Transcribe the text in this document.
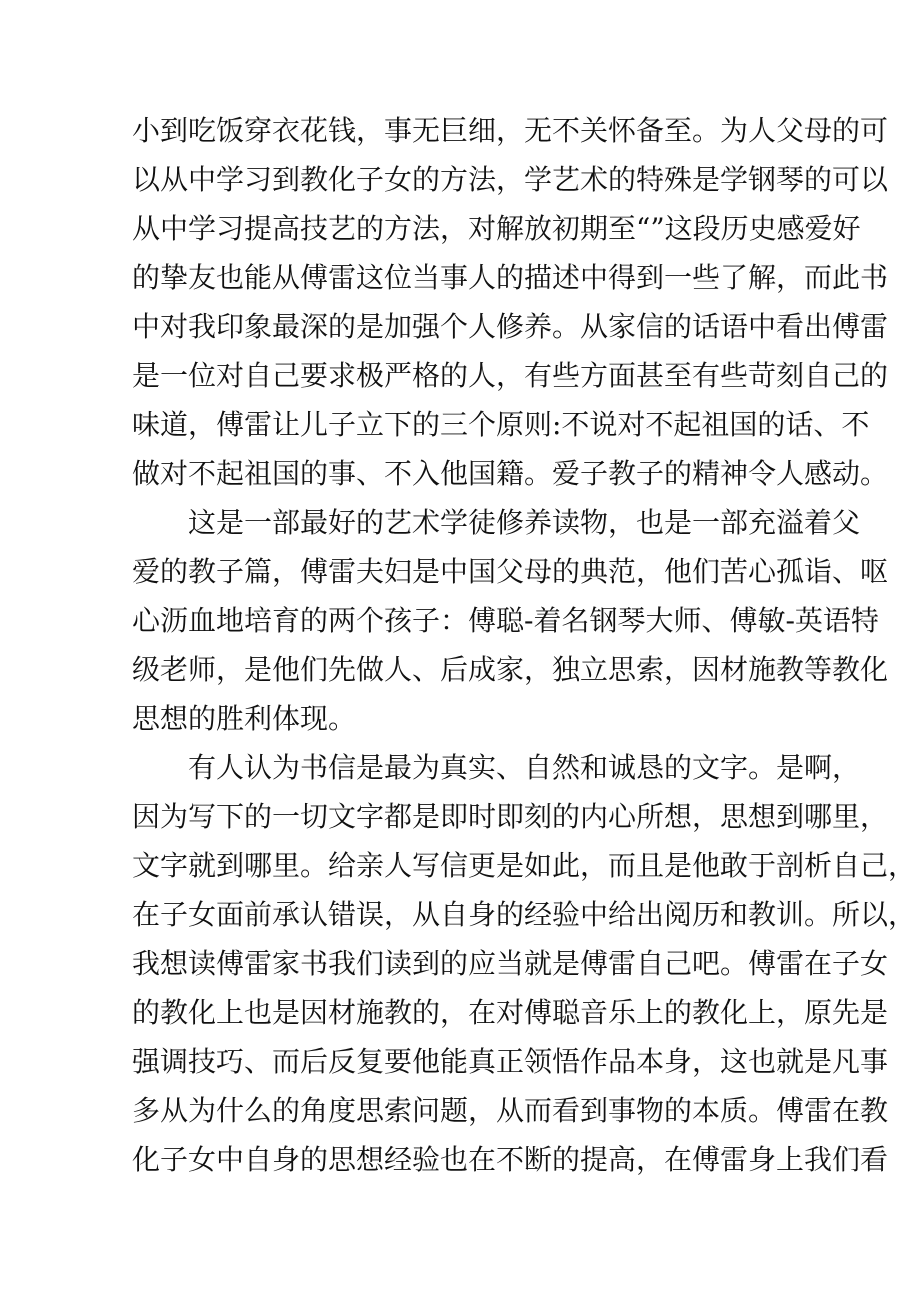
小到吃饭穿衣花钱，事无巨细，无不关怀备至。为人父母的可
以从中学习到教化子女的方法，学艺术的特殊是学钢琴的可以
从中学习提高技艺的方法，对解放初期至“”这段历史感爱好
的挚友也能从傅雷这位当事人的描述中得到一些了解，而此书
中对我印象最深的是加强个人修养。从家信的话语中看出傅雷
是一位对自己要求极严格的人，有些方面甚至有些苛刻自己的
味道，傅雷让儿子立下的三个原则:不说对不起祖国的话、不
做对不起祖国的事、不入他国籍。爱子教子的精神令人感动。
这是一部最好的艺术学徒修养读物，也是一部充溢着父
爱的教子篇，傅雷夫妇是中国父母的典范，他们苦心孤诣、呕
心沥血地培育的两个孩子：傅聪-着名钢琴大师、傅敏-英语特
级老师，是他们先做人、后成家，独立思索，因材施教等教化
思想的胜利体现。
有人认为书信是最为真实、自然和诚恳的文字。是啊，
因为写下的一切文字都是即时即刻的内心所想，思想到哪里，
文字就到哪里。给亲人写信更是如此，而且是他敢于剖析自己，
在子女面前承认错误，从自身的经验中给出阅历和教训。所以，
我想读傅雷家书我们读到的应当就是傅雷自己吧。傅雷在子女
的教化上也是因材施教的，在对傅聪音乐上的教化上，原先是
强调技巧、而后反复要他能真正领悟作品本身，这也就是凡事
多从为什么的角度思索问题，从而看到事物的本质。傅雷在教
化子女中自身的思想经验也在不断的提高，在傅雷身上我们看
